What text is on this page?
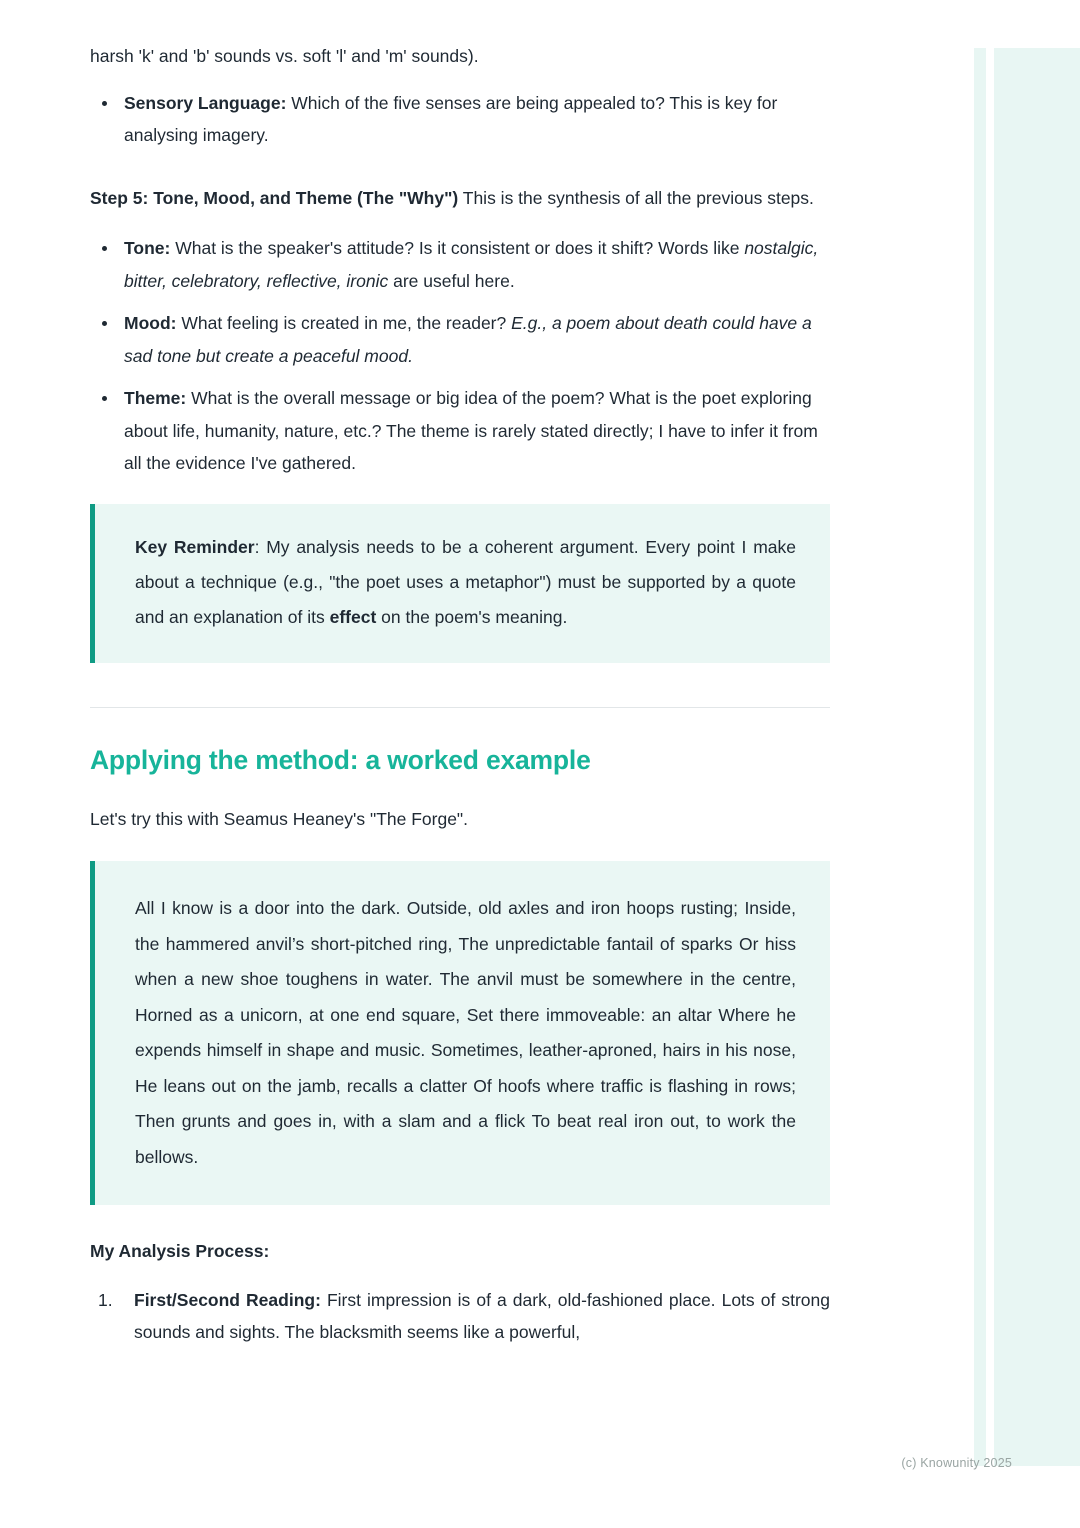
harsh 'k' and 'b' sounds vs. soft 'l' and 'm' sounds).

Sensory Language: Which of the five senses are being appealed to? This is key for analysing imagery.

Step 5: Tone, Mood, and Theme (The "Why") This is the synthesis of all the previous steps.

Tone: What is the speaker's attitude? Is it consistent or does it shift? Words like nostalgic, bitter, celebratory, reflective, ironic are useful here.
Mood: What feeling is created in me, the reader? E.g., a poem about death could have a sad tone but create a peaceful mood.
Theme: What is the overall message or big idea of the poem? What is the poet exploring about life, humanity, nature, etc.? The theme is rarely stated directly; I have to infer it from all the evidence I've gathered.

Key Reminder: My analysis needs to be a coherent argument. Every point I make about a technique (e.g., "the poet uses a metaphor") must be supported by a quote and an explanation of its effect on the poem's meaning.

Applying the method: a worked example

Let's try this with Seamus Heaney's "The Forge".

All I know is a door into the dark. Outside, old axles and iron hoops rusting; Inside, the hammered anvil’s short-pitched ring, The unpredictable fantail of sparks Or hiss when a new shoe toughens in water. The anvil must be somewhere in the centre, Horned as a unicorn, at one end square, Set there immoveable: an altar Where he expends himself in shape and music. Sometimes, leather-aproned, hairs in his nose, He leans out on the jamb, recalls a clatter Of hoofs where traffic is flashing in rows; Then grunts and goes in, with a slam and a flick To beat real iron out, to work the bellows.

My Analysis Process:

First/Second Reading: First impression is of a dark, old-fashioned place. Lots of strong sounds and sights. The blacksmith seems like a powerful,
(c) Knowunity 2025
